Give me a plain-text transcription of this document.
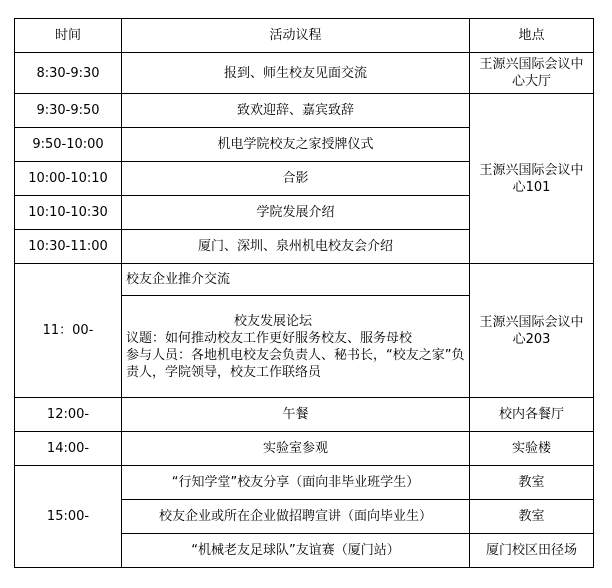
时间	活动议程	地点
8:30-9:30	报到、师生校友见面交流	王源兴国际会议中心大厅
9:30-9:50	致欢迎辞、嘉宾致辞	王源兴国际会议中心101
9:50-10:00	机电学院校友之家授牌仪式	
10:00-10:10	合影	
10:10-10:30	学院发展介绍	
10:30-11:00	厦门、深圳、泉州机电校友会介绍	
11：00-	校友企业推介交流	王源兴国际会议中心203

	校友发展论坛
议题：如何推动校友工作更好服务校友、服务母校
参与人员：各地机电校友会负责人、秘书长，“校友之家”负责人，学院领导，校友工作联络员	

12:00-	午餐	校内各餐厅
14:00-	实验室参观	实验楼
15:00-	“行知学堂”校友分享（面向非毕业班学生）	教室
	校友企业或所在企业做招聘宣讲（面向毕业生）	教室
	“机械老友足球队”友谊赛（厦门站）	厦门校区田径场
